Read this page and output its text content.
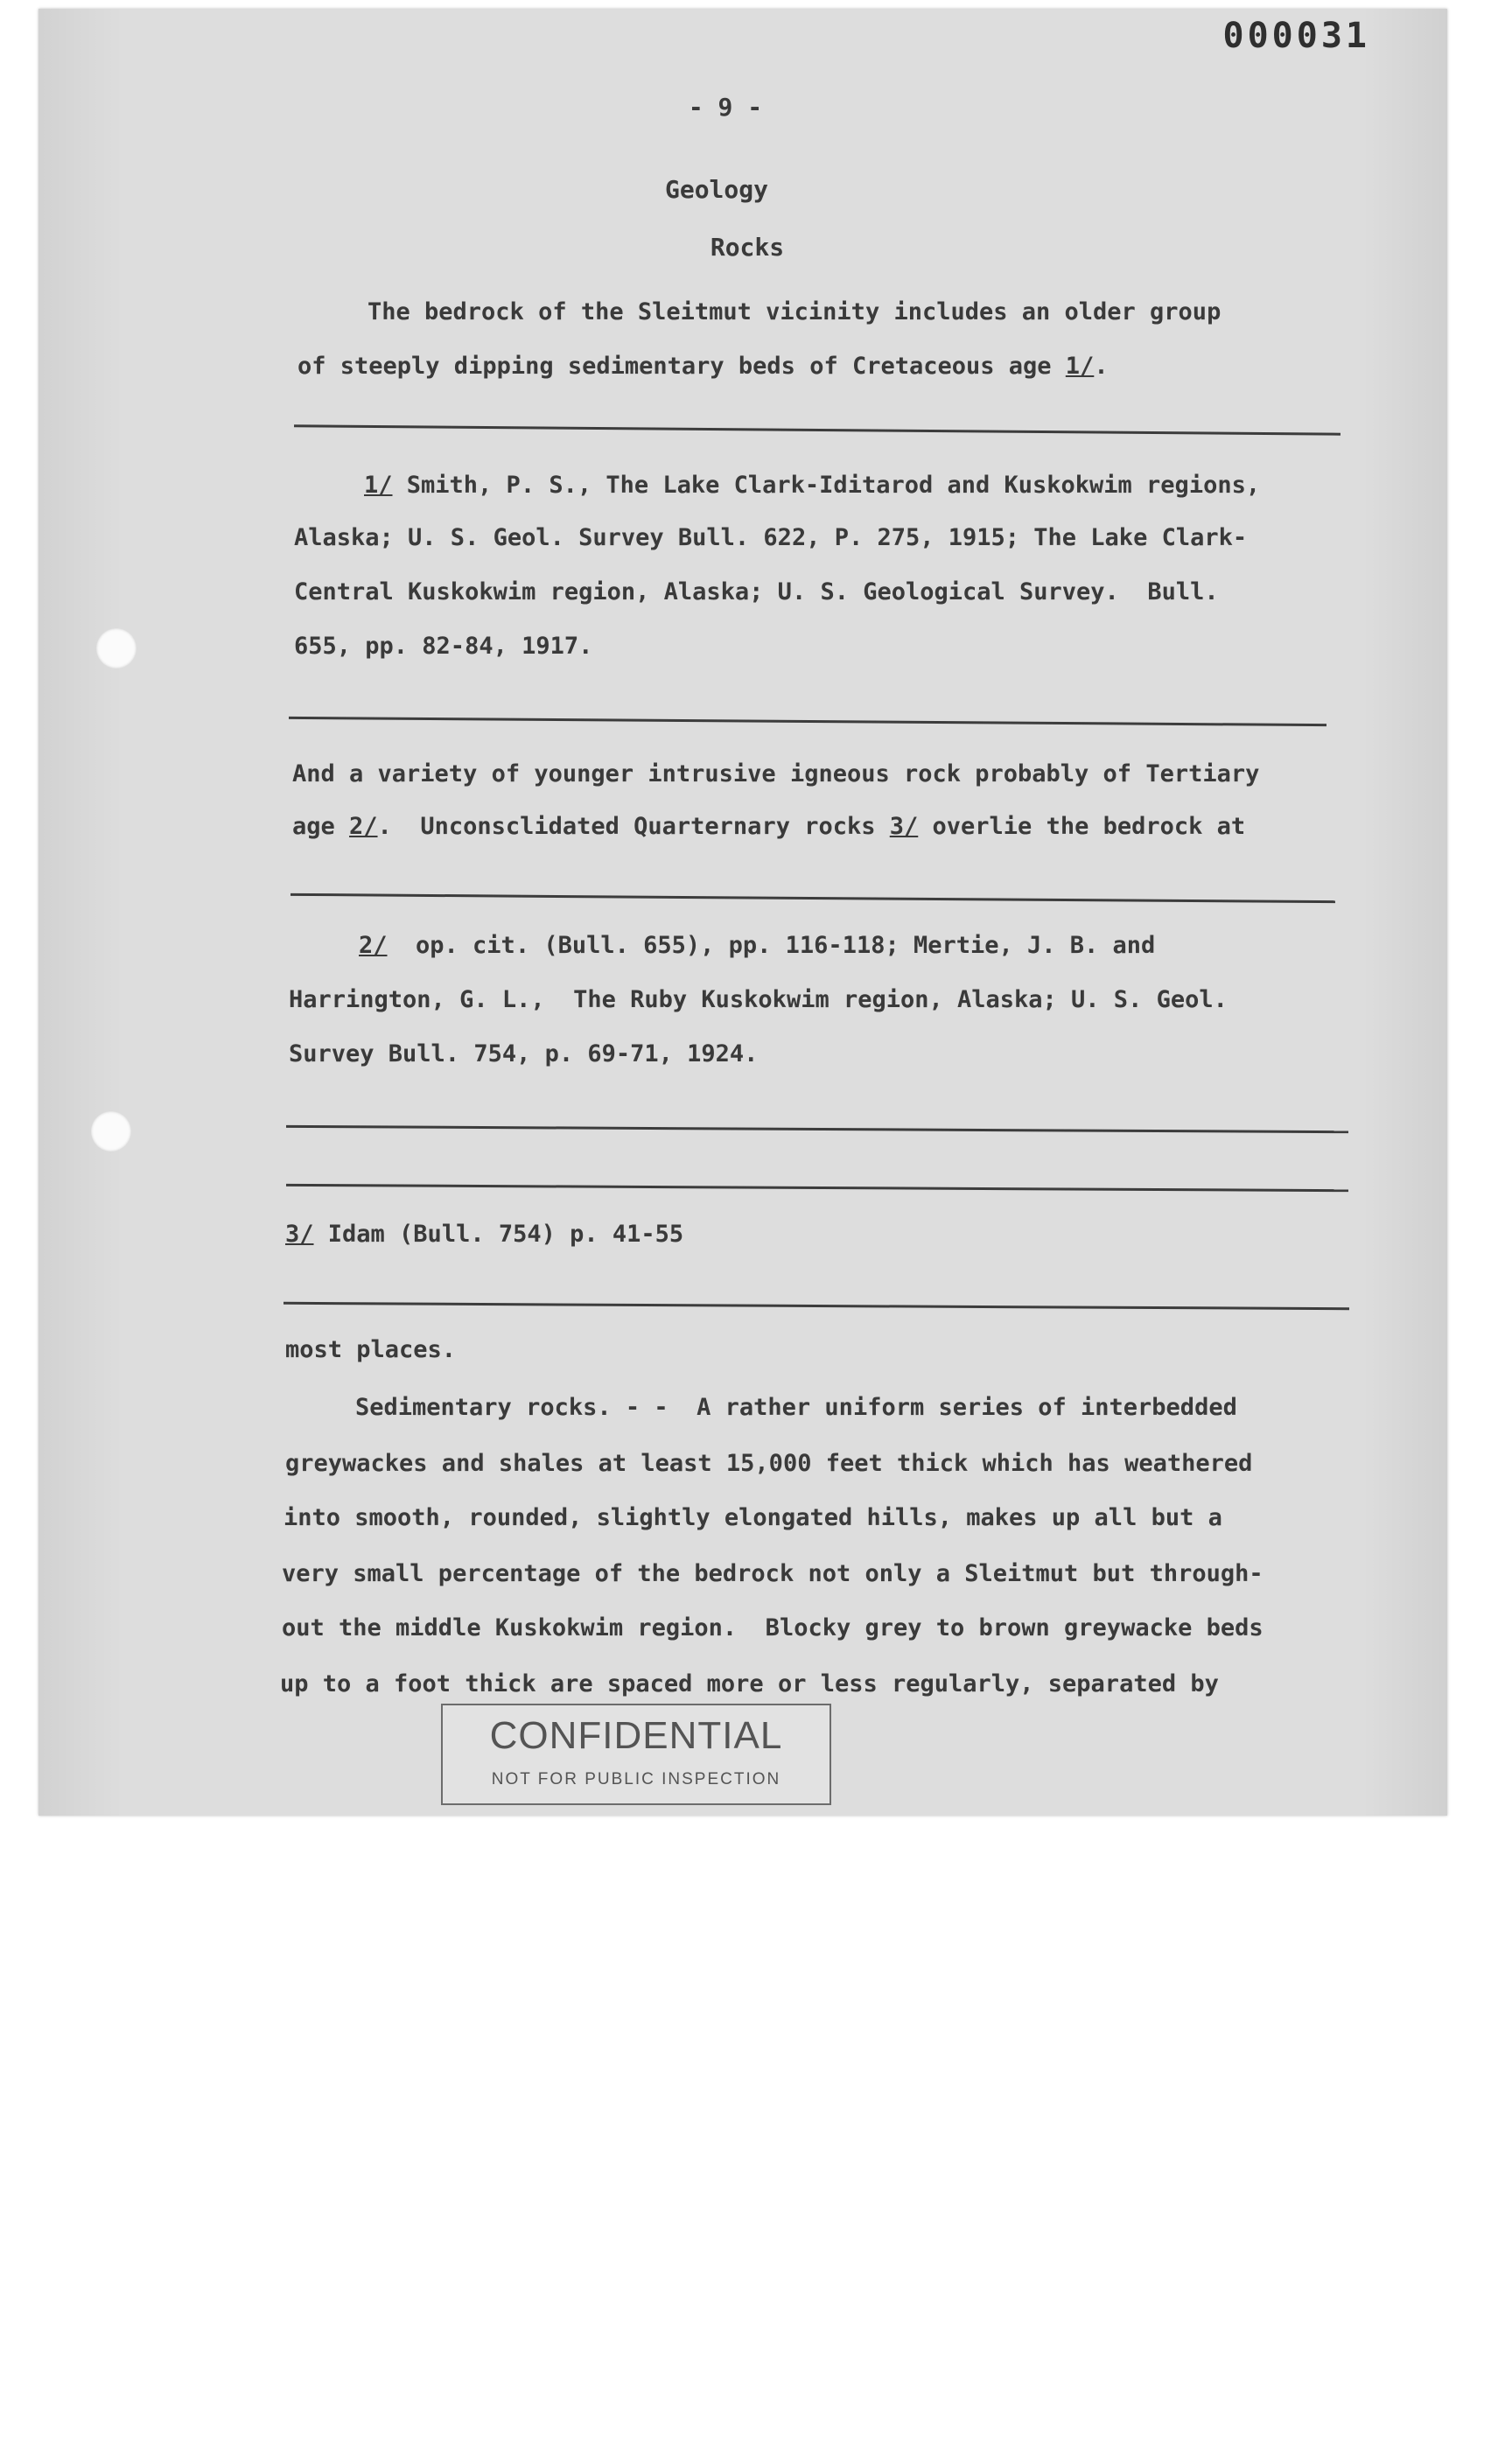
000031
- 9 -
Geology
Rocks
The bedrock of the Sleitmut vicinity includes an older group
of steeply dipping sedimentary beds of Cretaceous age 1/.
1/ Smith, P. S., The Lake Clark-Iditarod and Kuskokwim regions,
Alaska; U. S. Geol. Survey Bull. 622, P. 275, 1915; The Lake Clark-
Central Kuskokwim region, Alaska; U. S. Geological Survey.  Bull.
655, pp. 82-84, 1917.
And a variety of younger intrusive igneous rock probably of Tertiary
age 2/.  Unconsclidated Quarternary rocks 3/ overlie the bedrock at
2/  op. cit. (Bull. 655), pp. 116-118; Mertie, J. B. and
Harrington, G. L.,  The Ruby Kuskokwim region, Alaska; U. S. Geol.
Survey Bull. 754, p. 69-71, 1924.
3/ Idam (Bull. 754) p. 41-55
most places.
Sedimentary rocks. - -  A rather uniform series of interbedded
greywackes and shales at least 15,000 feet thick which has weathered
into smooth, rounded, slightly elongated hills, makes up all but a
very small percentage of the bedrock not only a Sleitmut but through-
out the middle Kuskokwim region.  Blocky grey to brown greywacke beds
up to a foot thick are spaced more or less regularly, separated by
CONFIDENTIAL
NOT FOR PUBLIC INSPECTION
